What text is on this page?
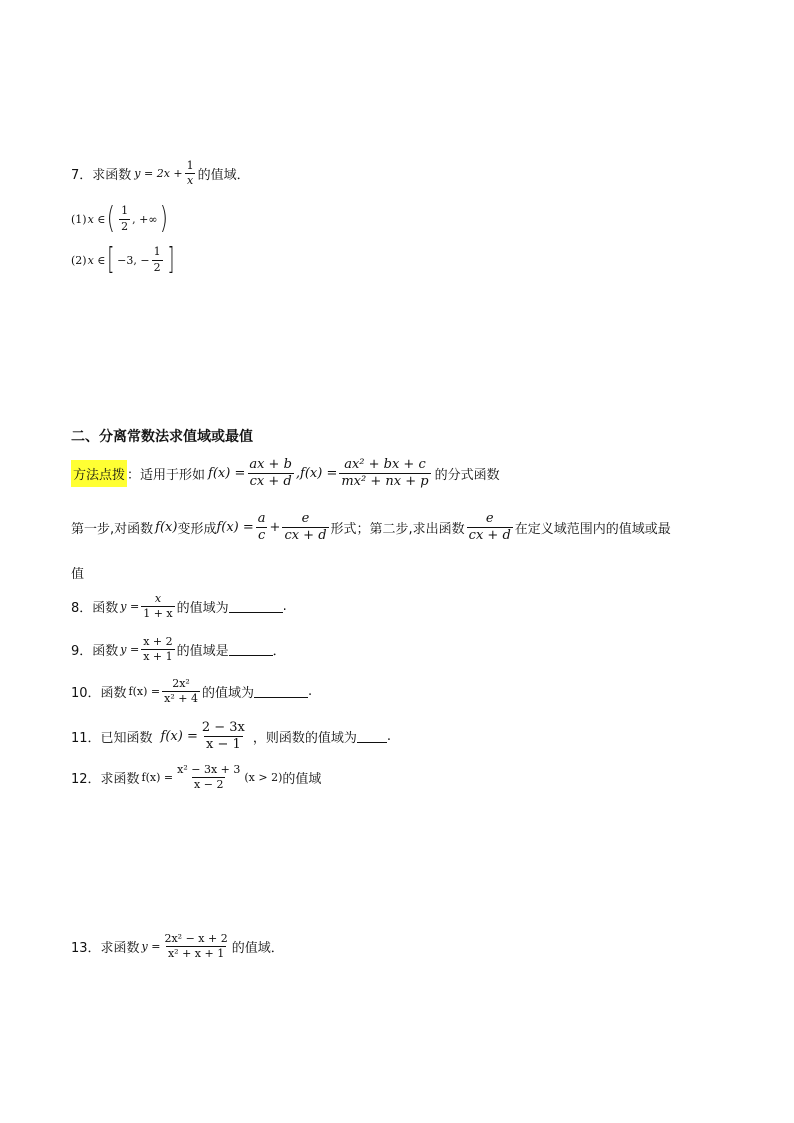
7．求函数 $y = 2x + \frac{1}{x}$ 的值域．
(1) x ∈ ( $\frac{1}{2}$ , +∞ )
(2) x ∈ [ −3, − $\frac{1}{2}$ ]
二、分离常数法求值域或最值
方法点拨 ：适用于形如 $f(x) = \frac{ax + b}{cx + d}$ , $f(x) = \frac{\text{ax² + bx + c}}{\text{mx² + nx + p}}$ 的分式函数
第一步,对函数 f(x) 变形成 $f(x) = \frac{a}{c} + \frac{e}{cx + d}$ 形式；第二步,求出函数 $\frac{e}{cx + d}$ 在定义域范围内的值域或最
值
8．函数 $y = \frac{x}{1 + x}$ 的值域为	.
9．函数 $y = \frac{x + 2}{x + 1}$ 的值域是	．
10．函数 $f(x) = \frac{\text{2x²}}{\text{x² + 4}}$ 的值域为	.
11．已知函数 $f(x) = \frac{2 - 3x}{x - 1}$ ，则函数的值域为 .
12．求函数 $f(x) = \frac{\text{x² − 3x + 3}}{x - 2} (x > 2)$ 的值域
13．求函数 $y = \frac{\text{2x² − x + 2}}{\text{x² + x + 1}}$ 的值域．
